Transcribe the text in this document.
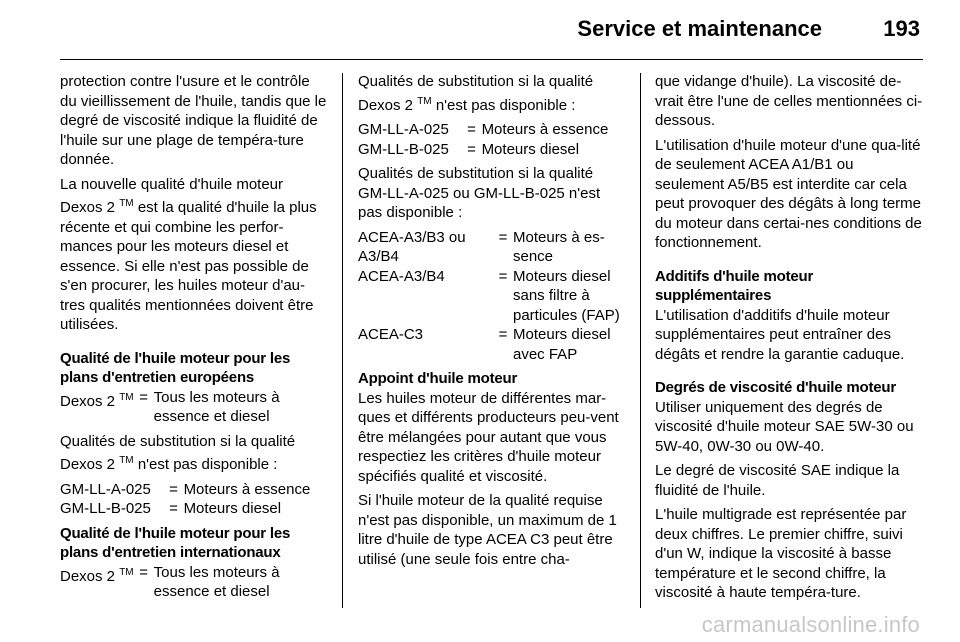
Service et maintenance	193

protection contre l'usure et le contrôle du vieillissement de l'huile, tandis que le degré de viscosité indique la fluidité de l'huile sur une plage de tempéra-ture donnée.

La nouvelle qualité d'huile moteur Dexos 2 ™ est la qualité d'huile la plus récente et qui combine les perfor-mances pour les moteurs diesel et essence. Si elle n'est pas possible de s'en procurer, les huiles moteur d'au-tres qualités mentionnées doivent être utilisées.

Qualité de l'huile moteur pour les plans d'entretien européens

Dexos 2 ™	=	Tous les moteurs à essence et diesel

Qualités de substitution si la qualité Dexos 2 ™ n'est pas disponible :

GM-LL-A-025	=	Moteurs à essence
GM-LL-B-025	=	Moteurs diesel

Qualité de l'huile moteur pour les plans d'entretien internationaux

Dexos 2 ™	=	Tous les moteurs à essence et diesel

Qualités de substitution si la qualité Dexos 2 ™ n'est pas disponible :

GM-LL-A-025	=	Moteurs à essence
GM-LL-B-025	=	Moteurs diesel

Qualités de substitution si la qualité GM-LL-A-025 ou GM-LL-B-025 n'est pas disponible :

ACEA-A3/B3 ou A3/B4	=	Moteurs à es-sence
ACEA-A3/B4	=	Moteurs diesel sans filtre à particules (FAP)
ACEA-C3	=	Moteurs diesel avec FAP

Appoint d'huile moteur

Les huiles moteur de différentes mar-ques et différents producteurs peu-vent être mélangées pour autant que vous respectiez les critères d'huile moteur spécifiés qualité et viscosité.

Si l'huile moteur de la qualité requise n'est pas disponible, un maximum de 1 litre d'huile de type ACEA C3 peut être utilisé (une seule fois entre cha-

que vidange d'huile). La viscosité de-vrait être l'une de celles mentionnées ci-dessous.

L'utilisation d'huile moteur d'une qua-lité de seulement ACEA A1/B1 ou seulement A5/B5 est interdite car cela peut provoquer des dégâts à long terme du moteur dans certai-nes conditions de fonctionnement.

Additifs d'huile moteur supplémentaires

L'utilisation d'additifs d'huile moteur supplémentaires peut entraîner des dégâts et rendre la garantie caduque.

Degrés de viscosité d'huile moteur

Utiliser uniquement des degrés de viscosité d'huile moteur SAE 5W-30 ou 5W-40, 0W-30 ou 0W-40.

Le degré de viscosité SAE indique la fluidité de l'huile.

L'huile multigrade est représentée par deux chiffres. Le premier chiffre, suivi d'un W, indique la viscosité à basse température et le second chiffre, la viscosité à haute tempéra-ture.

carmanualsonline.info
